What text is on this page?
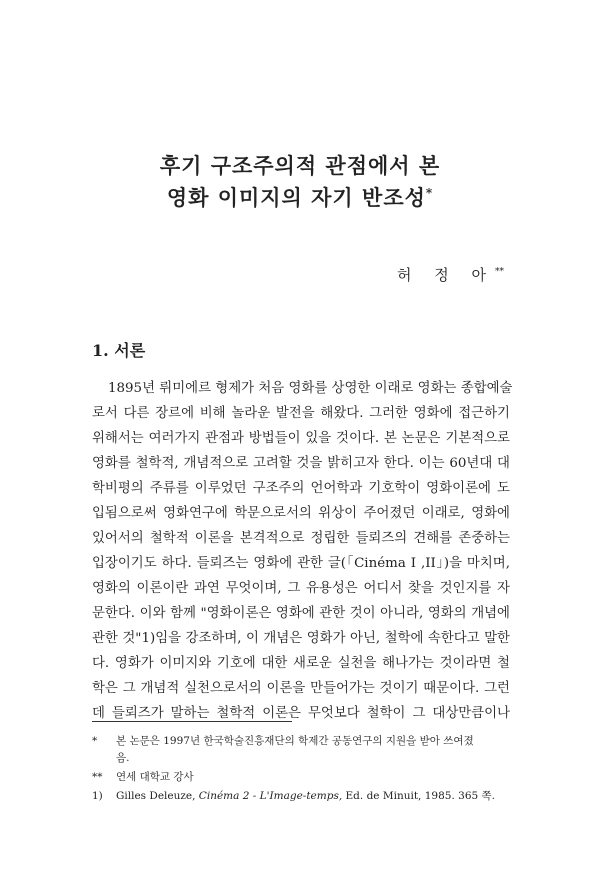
후기 구조주의적 관점에서 본
영화 이미지의 자기 반조성*
허 정 아**
1. 서론
1895년 뤼미에르 형제가 처음 영화를 상영한 이래로 영화는 종합예술
로서 다른 장르에 비해 놀라운 발전을 해왔다. 그러한 영화에 접근하기
위해서는 여러가지 관점과 방법들이 있을 것이다. 본 논문은 기본적으로
영화를 철학적, 개념적으로 고려할 것을 밝히고자 한다. 이는 60년대 대
학비평의 주류를 이루었던 구조주의 언어학과 기호학이 영화이론에 도
입됨으로써 영화연구에 학문으로서의 위상이 주어졌던 이래로, 영화에
있어서의 철학적 이론을 본격적으로 정립한 들뢰즈의 견해를 존중하는
입장이기도 하다. 들뢰즈는 영화에 관한 글(「Cinéma I ,II」)을 마치며,
영화의 이론이란 과연 무엇이며, 그 유용성은 어디서 찾을 것인지를 자
문한다. 이와 함께 "영화이론은 영화에 관한 것이 아니라, 영화의 개념에
관한 것"1)임을 강조하며, 이 개념은 영화가 아닌, 철학에 속한다고 말한
다. 영화가 이미지와 기호에 대한 새로운 실천을 해나가는 것이라면 철
학은 그 개념적 실천으로서의 이론을 만들어가는 것이기 때문이다. 그런
데 들뢰즈가 말하는 철학적 이론은 무엇보다 철학이 그 대상만큼이나
* 본 논문은 1997년 한국학술진흥재단의 학제간 공동연구의 지원을 받아 쓰여졌
음.
** 연세 대학교 강사
1) Gilles Deleuze, Cinéma 2 - L'Image-temps, Ed. de Minuit, 1985. 365 쪽.
